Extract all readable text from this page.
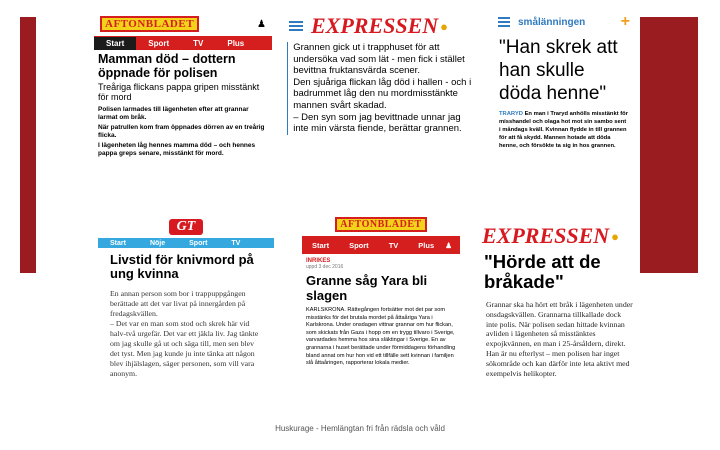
AFTONBLADET	♟
Start	Sport	TV	Plus

Mamman död – dottern öppnade för polisen

Treåriga flickans pappa gripen misstänkt för mord

Polisen larmades till lägenheten efter att grannar larmat om bråk.

När patrullen kom fram öppnades dörren av en treårig flicka.

I lägenheten låg hennes mamma död – och hennes pappa greps senare, misstänkt för mord.

EXPRESSEN ●

Grannen gick ut i trapphuset för att undersöka vad som lät - men fick i stället bevittna fruktansvärda scener.
Den sjuåriga flickan låg död i hallen - och i badrummet låg den nu mordmisstänkte mannen svårt skadad.
– Den syn som jag bevittnade unnar jag inte min värsta fiende, berättar grannen.

smålänningen +

"Han skrek att han skulle döda henne"

TRARYD En man i Traryd anhölls misstänkt för misshandel och olaga hot mot sin sambo sent i måndags kväll. Kvinnan flydde in till grannen för att få skydd. Mannen hotade att döda henne, och försökte ta sig in hos grannen.

GT
Start	Nöje	Sport	TV

Livstid för knivmord på ung kvinna

En annan person som bor i trappuppgången berättade att det var livat på innergården på fredagskvällen.
– Det var en man som stod och skrek här vid halv-två urgefär. Det var ett jäkla liv. Jag tänkte om jag skulle gå ut och säga till, men sen blev det tyst. Men jag kunde ju inte tänka att någon blev ihjälslagen, säger personen, som vill vara anonym.

AFTONBLADET
Start	Sport	TV	Plus	♟
INRIKES
uppd 3 dec 2016

Granne såg Yara bli slagen

KARLSKRONA. Rättegången fortsätter mot det par som misstänks för det brutala mordet på åttaåriga Yara i Karlskrona. Under onsdagen vittnar grannar om hur flickan, som skickats från Gaza i hopp om en trygg tillvaro i Sverige, varvardades hemma hos sina släktingar i Sverige. En av grannarna i huset berättade under förmiddagens förhandling bland annat om hur hon vid ett tillfälle sett kvinnan i familjen slå åttaåringen, rapporterar lokala medier.

EXPRESSEN ●

"Hörde att de bråkade"

Grannar ska ha hört ett bråk i lägenheten under onsdagskvällen. Grannarna tillkallade dock inte polis. När polisen sedan hittade kvinnan avliden i lägenheten så misstänktes expojkvännen, en man i 25-årsåldern, direkt. Han är nu efterlyst – men polisen har inget sökområde och kan därför inte leta aktivt med exempelvis helikopter.

Huskurage - Hemlängtan fri från rädsla och våld
